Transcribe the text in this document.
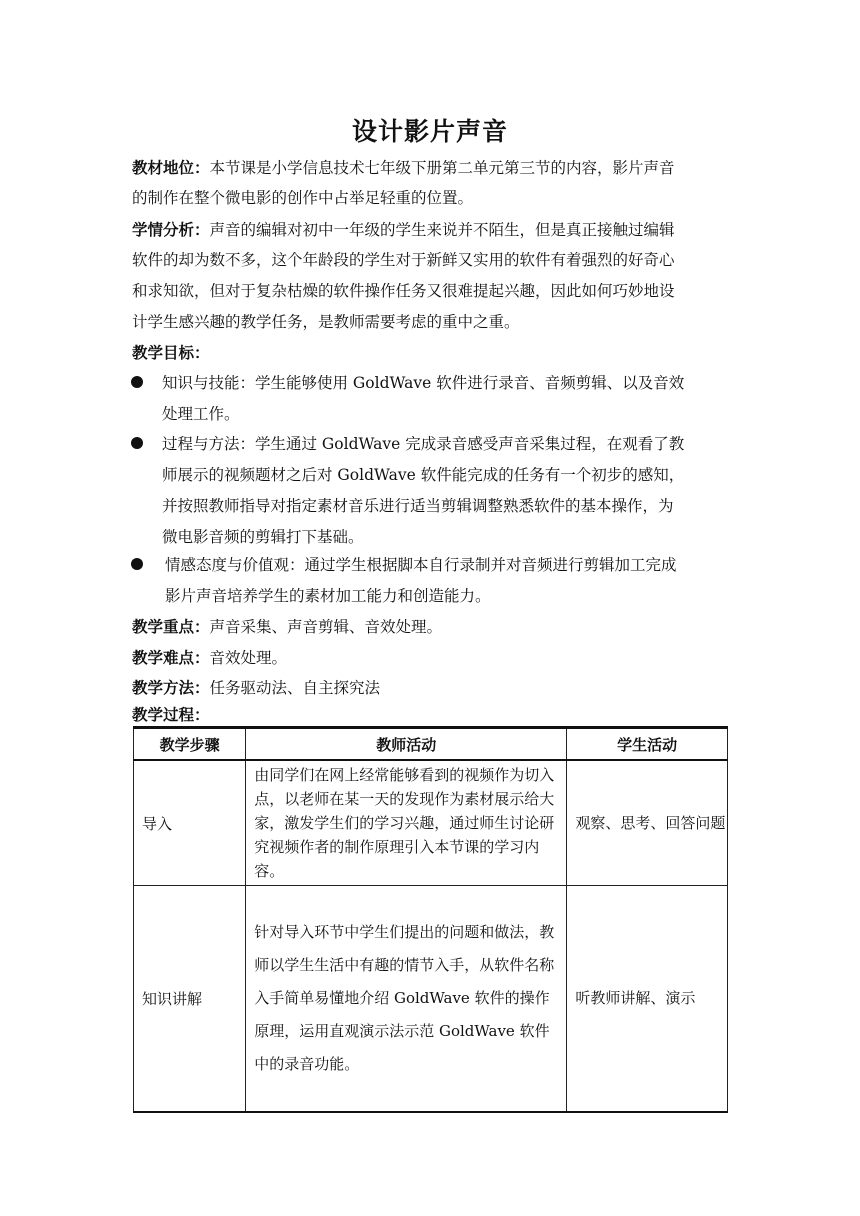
设计影片声音
教材地位：本节课是小学信息技术七年级下册第二单元第三节的内容，影片声音
的制作在整个微电影的创作中占举足轻重的位置。
学情分析：声音的编辑对初中一年级的学生来说并不陌生，但是真正接触过编辑
软件的却为数不多，这个年龄段的学生对于新鲜又实用的软件有着强烈的好奇心
和求知欲，但对于复杂枯燥的软件操作任务又很难提起兴趣，因此如何巧妙地设
计学生感兴趣的教学任务，是教师需要考虑的重中之重。
教学目标：
知识与技能：学生能够使用 GoldWave 软件进行录音、音频剪辑、以及音效
处理工作。
过程与方法：学生通过 GoldWave 完成录音感受声音采集过程，在观看了教
师展示的视频题材之后对 GoldWave 软件能完成的任务有一个初步的感知，
并按照教师指导对指定素材音乐进行适当剪辑调整熟悉软件的基本操作，为
微电影音频的剪辑打下基础。
情感态度与价值观：通过学生根据脚本自行录制并对音频进行剪辑加工完成
影片声音培养学生的素材加工能力和创造能力。
教学重点：声音采集、声音剪辑、音效处理。
教学难点：音效处理。
教学方法：任务驱动法、自主探究法
教学过程：
教学步骤	教师活动	学生活动
导入	由同学们在网上经常能够看到的视频作为切入点，以老师在某一天的发现作为素材展示给大家，激发学生们的学习兴趣，通过师生讨论研究视频作者的制作原理引入本节课的学习内容。	观察、思考、回答问题
知识讲解	针对导入环节中学生们提出的问题和做法，教师以学生生活中有趣的情节入手，从软件名称入手简单易懂地介绍 GoldWave 软件的操作原理，运用直观演示法示范 GoldWave 软件中的录音功能。	听教师讲解、演示
